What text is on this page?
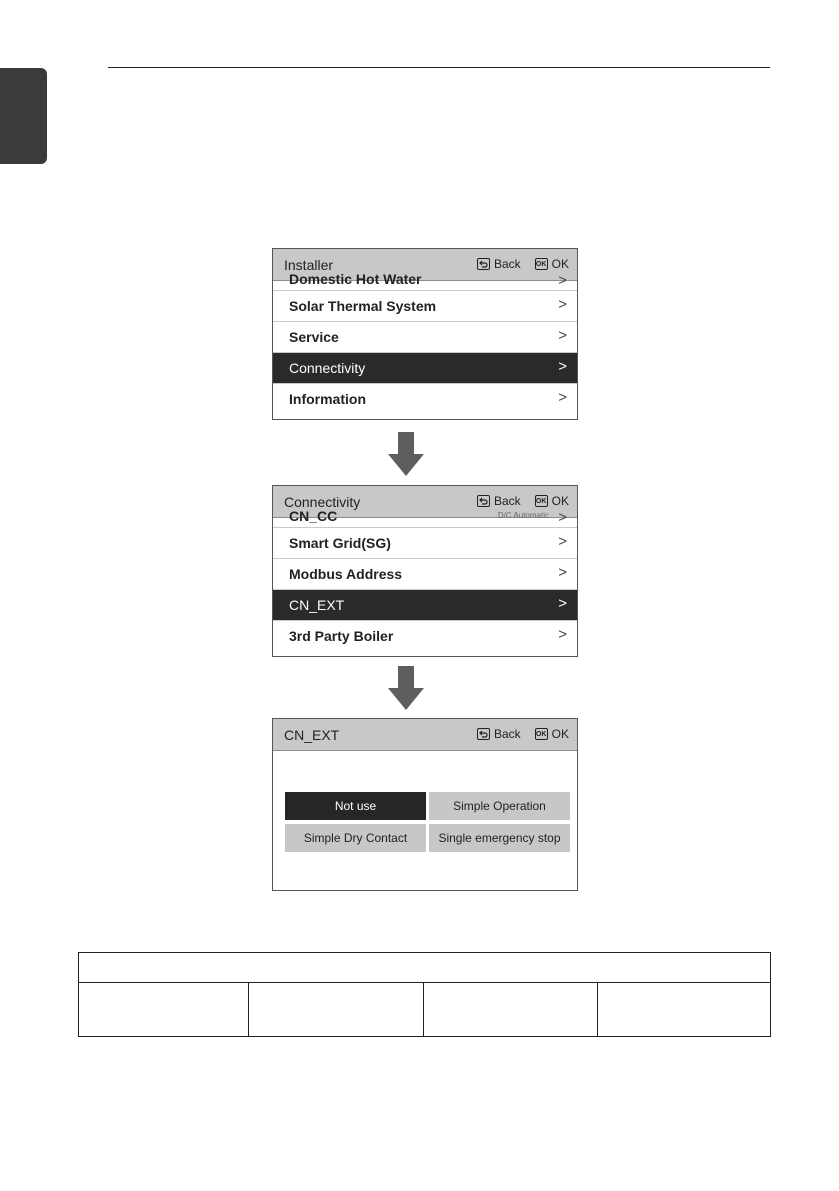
Installer	Back OK OK
Domestic Hot Water	>
Solar Thermal System	>
Service	>
Connectivity	>
Information	>
Connectivity	Back OK OK
CN_CC	D/C Automatic >
Smart Grid(SG)	>
Modbus Address	>
CN_EXT	>
3rd Party Boiler	>
CN_EXT	Back OK OK
Not use	Simple Operation
Simple Dry Contact	Single emergency stop
